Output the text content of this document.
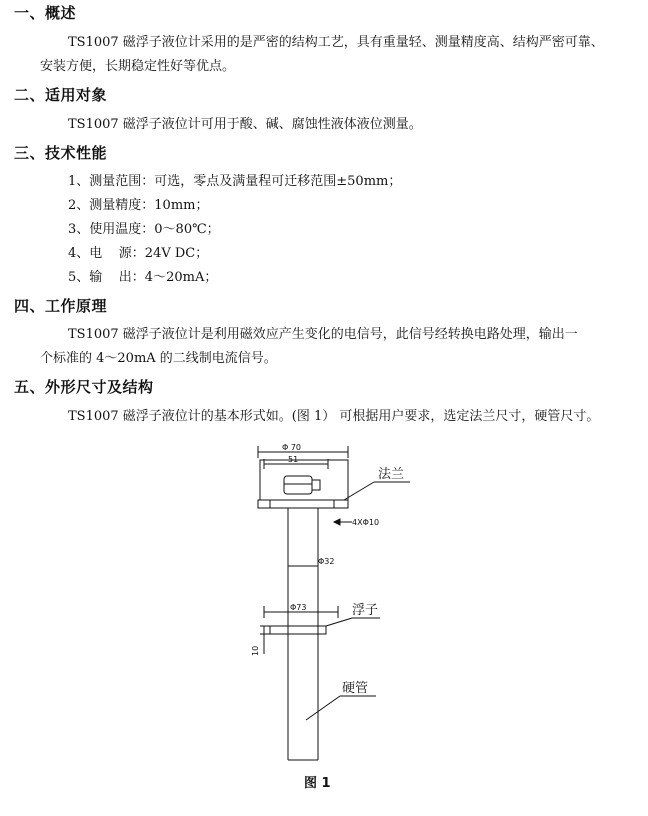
一、概述
TS1007 磁浮子液位计采用的是严密的结构工艺，具有重量轻、测量精度高、结构严密可靠、
安装方便，长期稳定性好等优点。
二、适用对象
TS1007 磁浮子液位计可用于酸、碱、腐蚀性液体液位测量。
三、技术性能
1、测量范围：可选，零点及满量程可迁移范围±50mm；
2、测量精度：10mm；
3、使用温度：0～80℃；
4、电    源：24V DC；
5、输    出：4～20mA；
四、工作原理
TS1007 磁浮子液位计是利用磁效应产生变化的电信号，此信号经转换电路处理，输出一
个标准的 4～20mA 的二线制电流信号。
五、外形尺寸及结构
TS1007 磁浮子液位计的基本形式如。(图 1） 可根据用户要求，选定法兰尺寸，硬管尺寸。
Φ 70
51
法兰
4XΦ10
Φ32
Φ73	浮子
10
硬管
图 1
